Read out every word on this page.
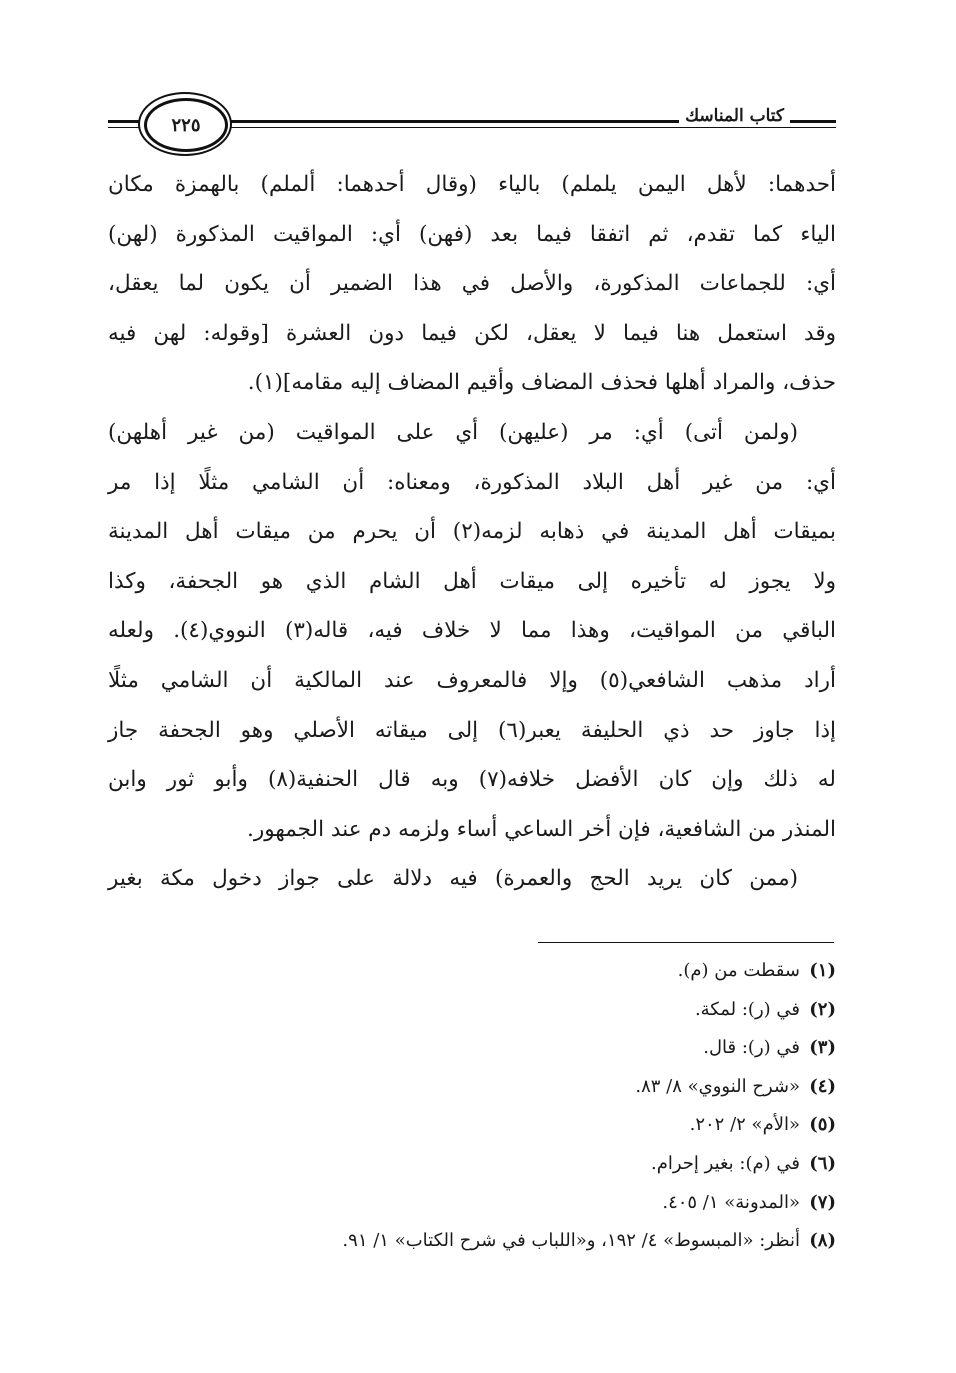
كتاب المناسك
٢٢٥
أحدهما: لأهل اليمن يلملم) بالياء (وقال أحدهما: ألملم) بالهمزة مكان
الياء كما تقدم، ثم اتفقا فيما بعد (فهن) أي: المواقيت المذكورة (لهن)
أي: للجماعات المذكورة، والأصل في هذا الضمير أن يكون لما يعقل،
وقد استعمل هنا فيما لا يعقل، لكن فيما دون العشرة [وقوله: لهن فيه
حذف، والمراد أهلها فحذف المضاف وأقيم المضاف إليه مقامه](١).
(ولمن أتى) أي: مر (عليهن) أي على المواقيت (من غير أهلهن)
أي: من غير أهل البلاد المذكورة، ومعناه: أن الشامي مثلًا إذا مر
بميقات أهل المدينة في ذهابه لزمه(٢) أن يحرم من ميقات أهل المدينة
ولا يجوز له تأخيره إلى ميقات أهل الشام الذي هو الجحفة، وكذا
الباقي من المواقيت، وهذا مما لا خلاف فيه، قاله(٣) النووي(٤). ولعله
أراد مذهب الشافعي(٥) وإلا فالمعروف عند المالكية أن الشامي مثلًا
إذا جاوز حد ذي الحليفة يعبر(٦) إلى ميقاته الأصلي وهو الجحفة جاز
له ذلك وإن كان الأفضل خلافه(٧) وبه قال الحنفية(٨) وأبو ثور وابن
المنذر من الشافعية، فإن أخر الساعي أساء ولزمه دم عند الجمهور.
(ممن كان يريد الحج والعمرة) فيه دلالة على جواز دخول مكة بغير
(١)سقطت من (م).
(٢)في (ر): لمكة.
(٣)في (ر): قال.
(٤)«شرح النووي» ٨/ ٨٣.
(٥)«الأم» ٢/ ٢٠٢.
(٦)في (م): بغير إحرام.
(٧)«المدونة» ١/ ٤٠٥.
(٨)أنظر: «المبسوط» ٤/ ١٩٢، و«اللباب في شرح الكتاب» ١/ ٩١.
